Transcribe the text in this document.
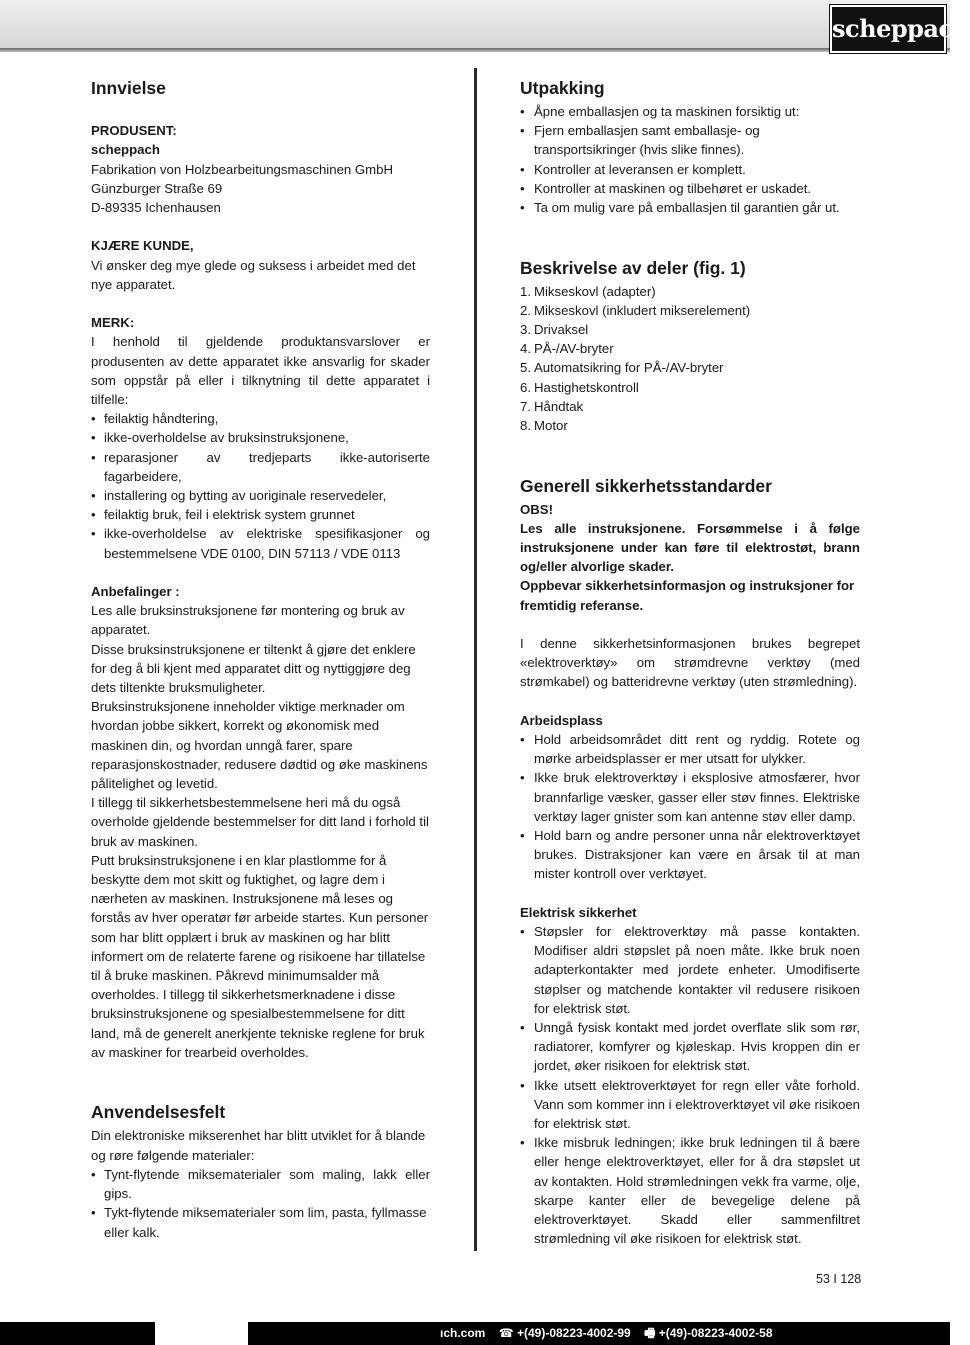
scheppach
Innvielse

PRODUSENT:

scheppach

Fabrikation von Holzbearbeitungsmaschinen GmbH

Günzburger Straße 69

D-89335 Ichenhausen

KJÆRE KUNDE,

Vi ønsker deg mye glede og suksess i arbeidet med det nye apparatet.

MERK:

I henhold til gjeldende produktansvarslover er produsenten av dette apparatet ikke ansvarlig for skader som oppstår på eller i tilknytning til dette apparatet i tilfelle:

• feilaktig håndtering,
• ikke-overholdelse av bruksinstruksjonene,
• reparasjoner av tredjeparts ikke-autoriserte fagarbeidere,
• installering og bytting av uoriginale reservedeler,
• feilaktig bruk, feil i elektrisk system grunnet
• ikke-overholdelse av elektriske spesifikasjoner og bestemmelsene VDE 0100, DIN 57113 / VDE 0113

Anbefalinger :

Les alle bruksinstruksjonene før montering og bruk av apparatet.

Disse bruksinstruksjonene er tiltenkt å gjøre det enklere for deg å bli kjent med apparatet ditt og nyttiggjøre deg dets tiltenkte bruksmuligheter.

Bruksinstruksjonene inneholder viktige merknader om hvordan jobbe sikkert, korrekt og økonomisk med maskinen din, og hvordan unngå farer, spare reparasjonskostnader, redusere dødtid og øke maskinens pålitelighet og levetid.

I tillegg til sikkerhetsbestemmelsene heri må du også overholde gjeldende bestemmelser for ditt land i forhold til bruk av maskinen.

Putt bruksinstruksjonene i en klar plastlomme for å beskytte dem mot skitt og fuktighet, og lagre dem i nærheten av maskinen. Instruksjonene må leses og forstås av hver operatør før arbeide startes. Kun personer som har blitt opplært i bruk av maskinen og har blitt informert om de relaterte farene og risikoene har tillatelse til å bruke maskinen. Påkrevd minimumsalder må overholdes. I tillegg til sikkerhetsmerknadene i disse bruksinstruksjonene og spesialbestemmelsene for ditt land, må de generelt anerkjente tekniske reglene for bruk av maskiner for trearbeid overholdes.

Anvendelsesfelt

Din elektroniske mikserenhet har blitt utviklet for å blande og røre følgende materialer:

• Tynt-flytende miksematerialer som maling, lakk eller gips.
• Tykt-flytende miksematerialer som lim, pasta, fyllmasse eller kalk.
Utpakking
• Åpne emballasjen og ta maskinen forsiktig ut:
• Fjern emballasjen samt emballasje- og transportsikringer (hvis slike finnes).
• Kontroller at leveransen er komplett.
• Kontroller at maskinen og tilbehøret er uskadet.
• Ta om mulig vare på emballasjen til garantien går ut.
Beskrivelse av deler (fig. 1)
1. Mikseskovl (adapter)
2. Mikseskovl (inkludert mikserelement)
3. Drivaksel
4. PÅ-/AV-bryter
5. Automatsikring for PÅ-/AV-bryter
6. Hastighetskontroll
7. Håndtak
8. Motor
Generell sikkerhetsstandarder

OBS!

Les alle instruksjonene. Forsømmelse i å følge instruksjonene under kan føre til elektrostøt, brann og/eller alvorlige skader.

Oppbevar sikkerhetsinformasjon og instruksjoner for fremtidig referanse.

I denne sikkerhetsinformasjonen brukes begrepet «elektroverktøy» om strømdrevne verktøy (med strømkabel) og batteridrevne verktøy (uten strømledning).

Arbeidsplass

• Hold arbeidsområdet ditt rent og ryddig. Rotete og mørke arbeidsplasser er mer utsatt for ulykker.
• Ikke bruk elektroverktøy i eksplosive atmosfærer, hvor brannfarlige væsker, gasser eller støv finnes. Elektriske verktøy lager gnister som kan antenne støv eller damp.
• Hold barn og andre personer unna når elektroverktøyet brukes. Distraksjoner kan være en årsak til at man mister kontroll over verktøyet.

Elektrisk sikkerhet

• Støpsler for elektroverktøy må passe kontakten. Modifiser aldri støpslet på noen måte. Ikke bruk noen adapterkontakter med jordete enheter. Umodifiserte støplser og matchende kontakter vil redusere risikoen for elektrisk støt.
• Unngå fysisk kontakt med jordet overflate slik som rør, radiatorer, komfyrer og kjøleskap. Hvis kroppen din er jordet, øker risikoen for elektrisk støt.
• Ikke utsett elektroverktøyet for regn eller våte forhold. Vann som kommer inn i elektroverktøyet vil øke risikoen for elektrisk støt.
• Ikke misbruk ledningen; ikke bruk ledningen til å bære eller henge elektroverktøyet, eller for å dra støpslet ut av kontakten. Hold strømledningen vekk fra varme, olje, skarpe kanter eller de bevegelige delene på elektroverktøyet. Skadd eller sammenfiltret strømledning vil øke risikoen for elektrisk støt.
53 I 128
ıch.com ☎ +(49)-08223-4002-99 🖷 +(49)-08223-4002-58
